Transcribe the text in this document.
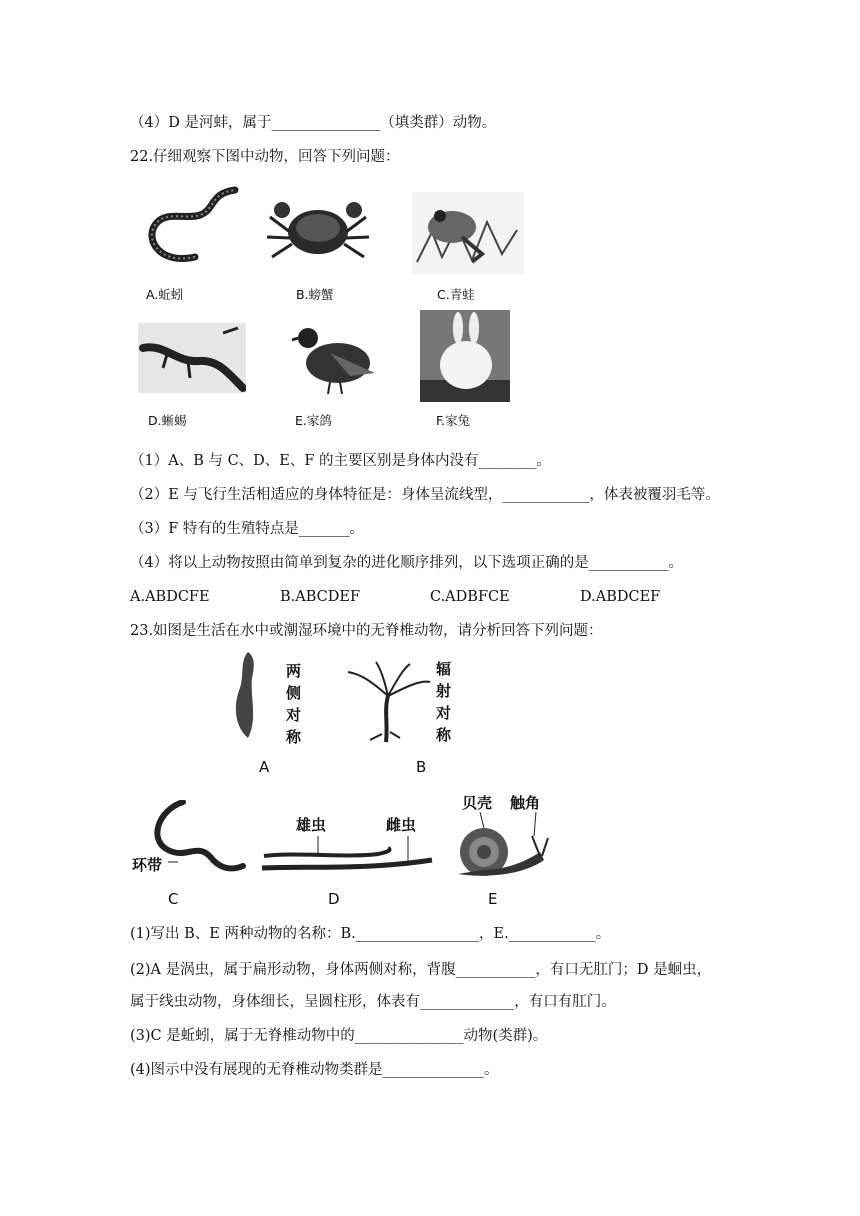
（4）D 是河蚌，属于_______________（填类群）动物。
22.仔细观察下图中动物，回答下列问题：
A.蚯蚓	B.螃蟹	C.青蛙
D.蜥蜴	E.家鸽	F.家兔
（1）A、B 与 C、D、E、F 的主要区别是身体内没有________。
（2）E 与飞行生活相适应的身体特征是：身体呈流线型，____________，体表被覆羽毛等。
（3）F 特有的生殖特点是_______。
（4）将以上动物按照由简单到复杂的进化顺序排列，以下选项正确的是___________。
A.ABDCFE	B.ABCDEF	C.ADBFCE	D.ABDCEF
23.如图是生活在水中或潮湿环境中的无脊椎动物，请分析回答下列问题：
两侧对称
A
辐射对称
B
环带
C
雄虫	雌虫
D
贝壳 触角
E
(1)写出 B、E 两种动物的名称：B._________________，E.____________。
(2)A 是涡虫，属于扁形动物，身体两侧对称，背腹___________，有口无肛门；D 是蛔虫，
属于线虫动物，身体细长，呈圆柱形，体表有_____________，有口有肛门。
(3)C 是蚯蚓，属于无脊椎动物中的_______________动物(类群)。
(4)图示中没有展现的无脊椎动物类群是______________。
